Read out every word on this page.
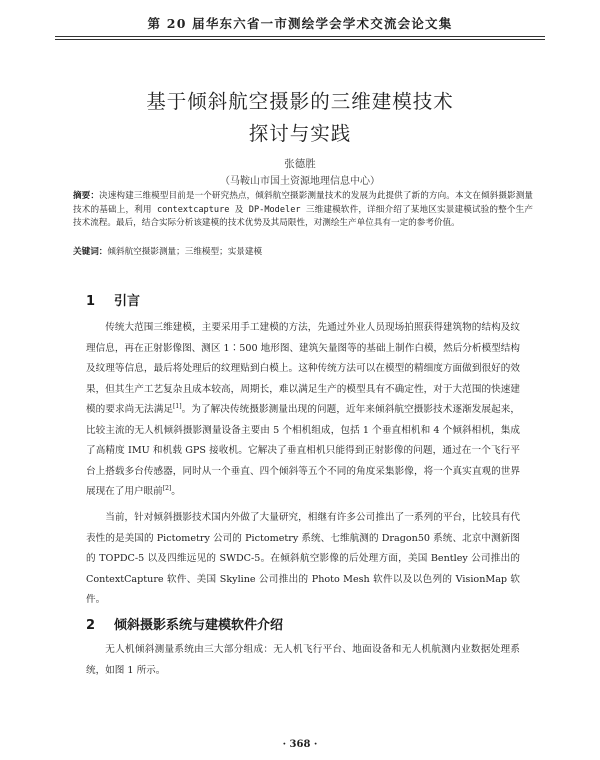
第 20 届华东六省一市测绘学会学术交流会论文集
基于倾斜航空摄影的三维建模技术
探讨与实践
张德胜
（马鞍山市国土资源地理信息中心）
摘要：决速构建三维模型目前是一个研究热点，倾斜航空摄影测量技术的发展为此提供了新的方向。本文在倾斜摄影测量技术的基础上，利用 contextcapture 及 DP-Modeler 三维建模软件，详细介绍了某地区实景建模试验的整个生产技术流程。最后，结合实际分析该建模的技术优势及其局限性，对测绘生产单位具有一定的参考价值。
关键词：倾斜航空摄影测量；三维模型；实景建模
1 引言
传统大范围三维建模，主要采用手工建模的方法，先通过外业人员现场拍照获得建筑物的结构及纹理信息，再在正射影像图、测区 1∶500 地形图、建筑矢量图等的基础上制作白模，然后分析模型结构及纹理等信息，最后将处理后的纹理贴到白模上。这种传统方法可以在模型的精细度方面做到很好的效果，但其生产工艺复杂且成本较高，周期长，难以满足生产的模型具有不确定性，对于大范围的快速建模的要求尚无法满足[1]。为了解决传统摄影测量出现的问题，近年来倾斜航空摄影技术逐渐发展起来，比较主流的无人机倾斜摄影测量设备主要由 5 个相机组成，包括 1 个垂直相机和 4 个倾斜相机，集成了高精度 IMU 和机载 GPS 接收机。它解决了垂直相机只能得到正射影像的问题，通过在一个飞行平台上搭载多台传感器，同时从一个垂直、四个倾斜等五个不同的角度采集影像，将一个真实直观的世界展现在了用户眼前[2]。
当前，针对倾斜摄影技术国内外做了大量研究，相继有许多公司推出了一系列的平台，比较具有代表性的是美国的 Pictometry 公司的 Pictometry 系统、七维航测的 Dragon50 系统、北京中测新图的 TOPDC-5 以及四维远见的 SWDC-5。在倾斜航空影像的后处理方面，美国 Bentley 公司推出的 ContextCapture 软件、美国 Skyline 公司推出的 Photo Mesh 软件以及以色列的 VisionMap 软件。
2 倾斜摄影系统与建模软件介绍
无人机倾斜测量系统由三大部分组成：无人机飞行平台、地面设备和无人机航测内业数据处理系统，如图 1 所示。
· 368 ·
